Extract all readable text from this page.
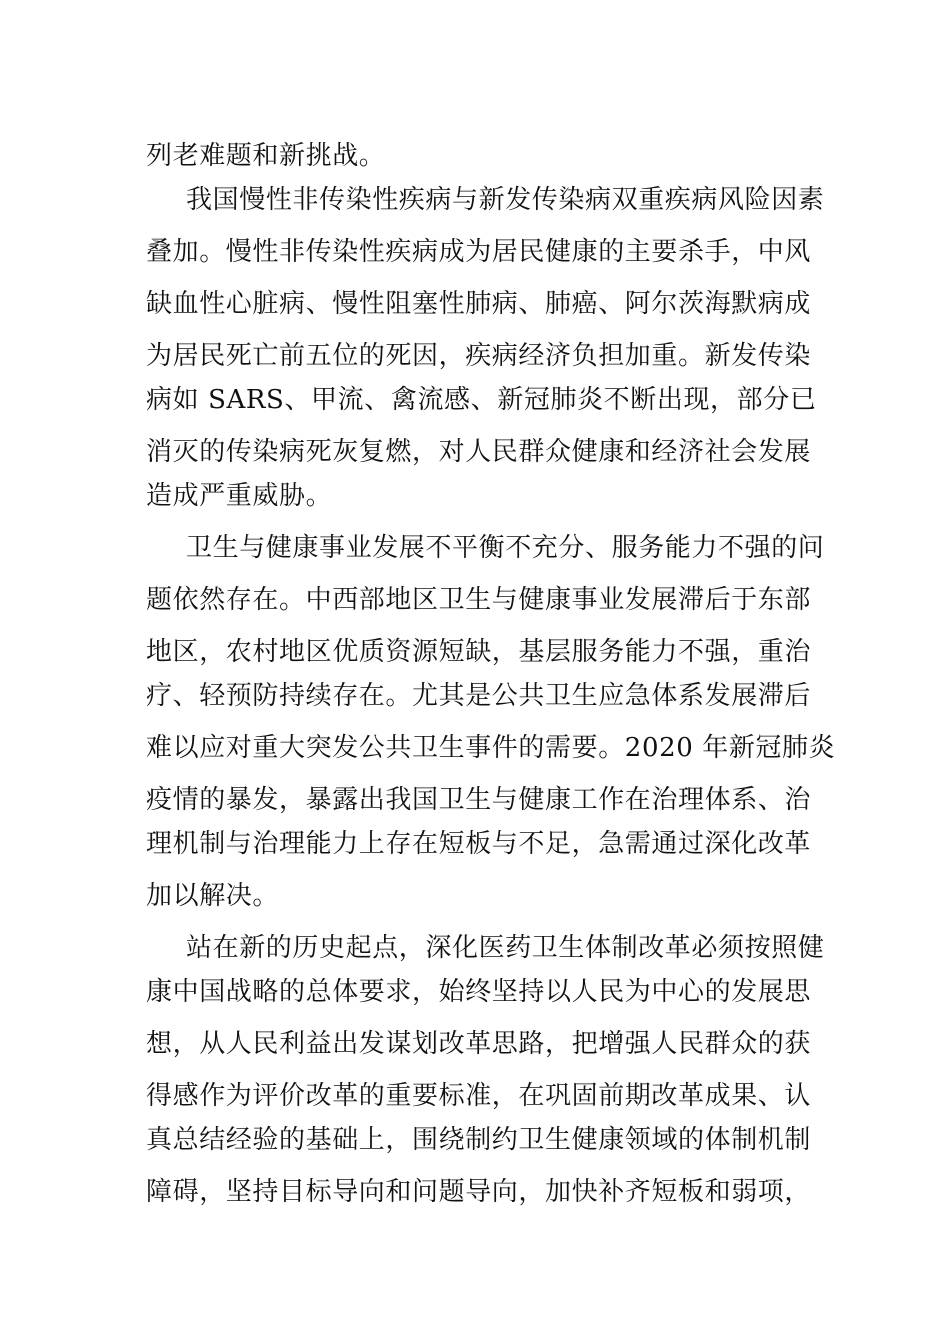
列老难题和新挑战。
我国慢性非传染性疾病与新发传染病双重疾病风险因素
叠加。慢性非传染性疾病成为居民健康的主要杀手，中风
缺血性心脏病、慢性阻塞性肺病、肺癌、阿尔茨海默病成
为居民死亡前五位的死因，疾病经济负担加重。新发传染
病如 SARS、甲流、禽流感、新冠肺炎不断出现，部分已
消灭的传染病死灰复燃，对人民群众健康和经济社会发展
造成严重威胁。
卫生与健康事业发展不平衡不充分、服务能力不强的问
题依然存在。中西部地区卫生与健康事业发展滞后于东部
地区，农村地区优质资源短缺，基层服务能力不强，重治
疗、轻预防持续存在。尤其是公共卫生应急体系发展滞后
难以应对重大突发公共卫生事件的需要。2020 年新冠肺炎
疫情的暴发，暴露出我国卫生与健康工作在治理体系、治
理机制与治理能力上存在短板与不足，急需通过深化改革
加以解决。
站在新的历史起点，深化医药卫生体制改革必须按照健
康中国战略的总体要求，始终坚持以人民为中心的发展思
想，从人民利益出发谋划改革思路，把增强人民群众的获
得感作为评价改革的重要标准，在巩固前期改革成果、认
真总结经验的基础上，围绕制约卫生健康领域的体制机制
障碍，坚持目标导向和问题导向，加快补齐短板和弱项，
